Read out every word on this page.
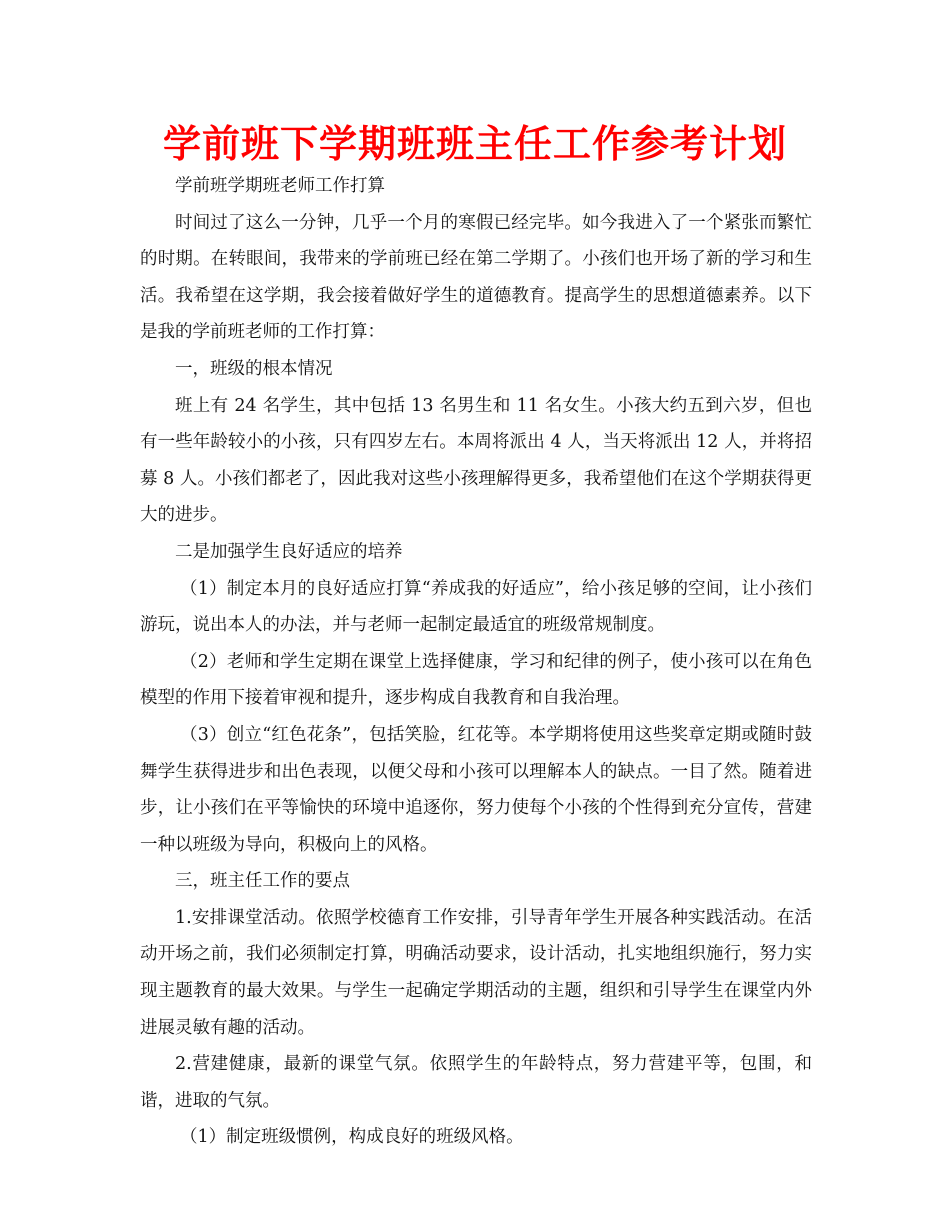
学前班下学期班班主任工作参考计划

学前班学期班老师工作打算

时间过了这么一分钟，几乎一个月的寒假已经完毕。如今我进入了一个紧张而繁忙的时期。在转眼间，我带来的学前班已经在第二学期了。小孩们也开场了新的学习和生活。我希望在这学期，我会接着做好学生的道德教育。提高学生的思想道德素养。以下是我的学前班老师的工作打算：

一，班级的根本情况

班上有 24 名学生，其中包括 13 名男生和 11 名女生。小孩大约五到六岁，但也有一些年龄较小的小孩，只有四岁左右。本周将派出 4 人，当天将派出 12 人，并将招募 8 人。小孩们都老了，因此我对这些小孩理解得更多，我希望他们在这个学期获得更大的进步。

二是加强学生良好适应的培养

（1）制定本月的良好适应打算“养成我的好适应”，给小孩足够的空间，让小孩们游玩，说出本人的办法，并与老师一起制定最适宜的班级常规制度。

（2）老师和学生定期在课堂上选择健康，学习和纪律的例子，使小孩可以在角色模型的作用下接着审视和提升，逐步构成自我教育和自我治理。

（3）创立“红色花条”，包括笑脸，红花等。本学期将使用这些奖章定期或随时鼓舞学生获得进步和出色表现，以便父母和小孩可以理解本人的缺点。一目了然。随着进步，让小孩们在平等愉快的环境中追逐你，努力使每个小孩的个性得到充分宣传，营建一种以班级为导向，积极向上的风格。

三，班主任工作的要点

1.安排课堂活动。依照学校德育工作安排，引导青年学生开展各种实践活动。在活动开场之前，我们必须制定打算，明确活动要求，设计活动，扎实地组织施行，努力实现主题教育的最大效果。与学生一起确定学期活动的主题，组织和引导学生在课堂内外进展灵敏有趣的活动。

2.营建健康，最新的课堂气氛。依照学生的年龄特点，努力营建平等，包围，和谐，进取的气氛。

（1）制定班级惯例，构成良好的班级风格。
